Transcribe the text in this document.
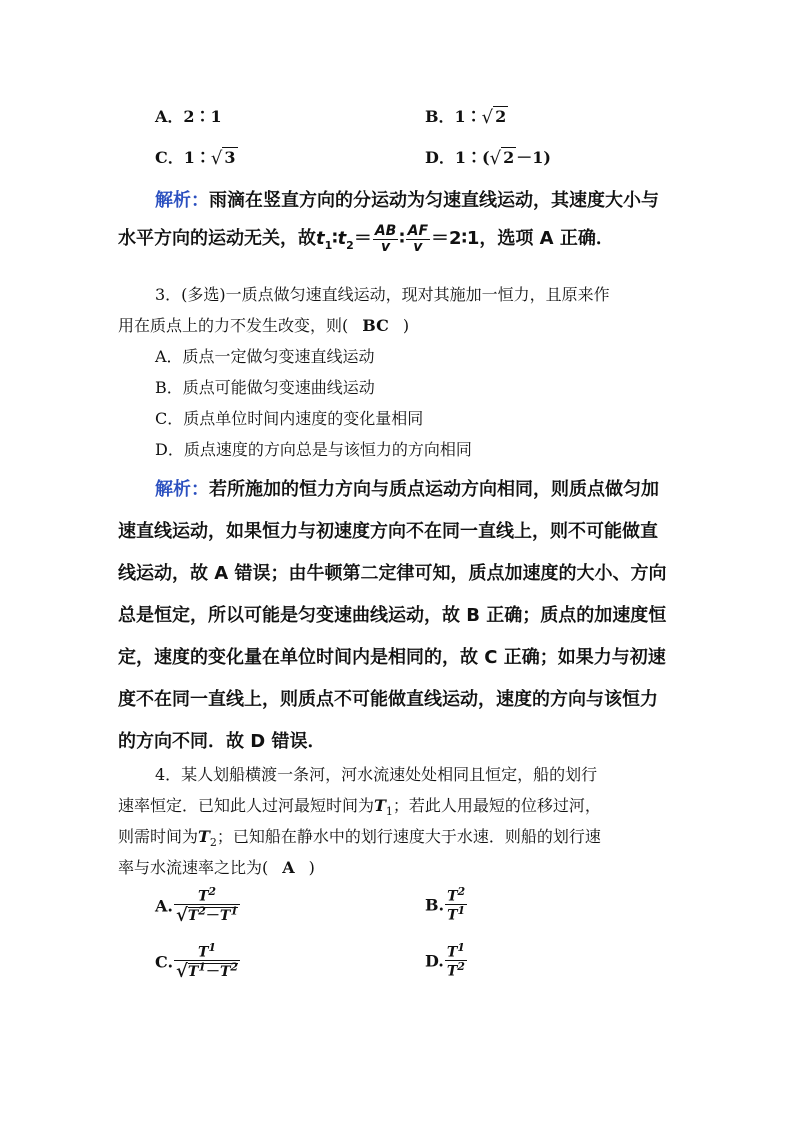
A．2∶1	B．1∶√ 2
C．1∶√ 3	D．1∶(√ 2 －1)
解析：雨滴在竖直方向的分运动为匀速直线运动，其速度大小与
水平方向的运动无关，故$t_1∶t_2= \frac{AB}{v}$ ∶ $\frac{AF}{v}$ ＝2∶1，选项 A 正确．
3．(多选)一质点做匀速直线运动，现对其施加一恒力，且原来作
用在质点上的力不发生改变，则( BC )
A．质点一定做匀变速直线运动
B．质点可能做匀变速曲线运动
C．质点单位时间内速度的变化量相同
D．质点速度的方向总是与该恒力的方向相同
解析：若所施加的恒力方向与质点运动方向相同，则质点做匀加
速直线运动，如果恒力与初速度方向不在同一直线上，则不可能做直
线运动，故 A 错误；由牛顿第二定律可知，质点加速度的大小、方向
总是恒定，所以可能是匀变速曲线运动，故 B 正确；质点的加速度恒
定，速度的变化量在单位时间内是相同的，故 C 正确；如果力与初速
度不在同一直线上，则质点不可能做直线运动，速度的方向与该恒力
的方向不同．故 D 错误．
4．某人划船横渡一条河，河水流速处处相同且恒定，船的划行
速率恒定．已知此人过河最短时间为$T_1$；若此人用最短的位移过河，
则需时间为$T_2$；已知船在静水中的划行速度大于水速．则船的划行速
率与水流速率之比为( A )
A. $\frac{T^2}{√T^2-T^1}$	B. $\frac{T^2}{T^1}$
C. $\frac{T^1}{√T^1-T^2}$	D. $\frac{T^1}{T^2}$
